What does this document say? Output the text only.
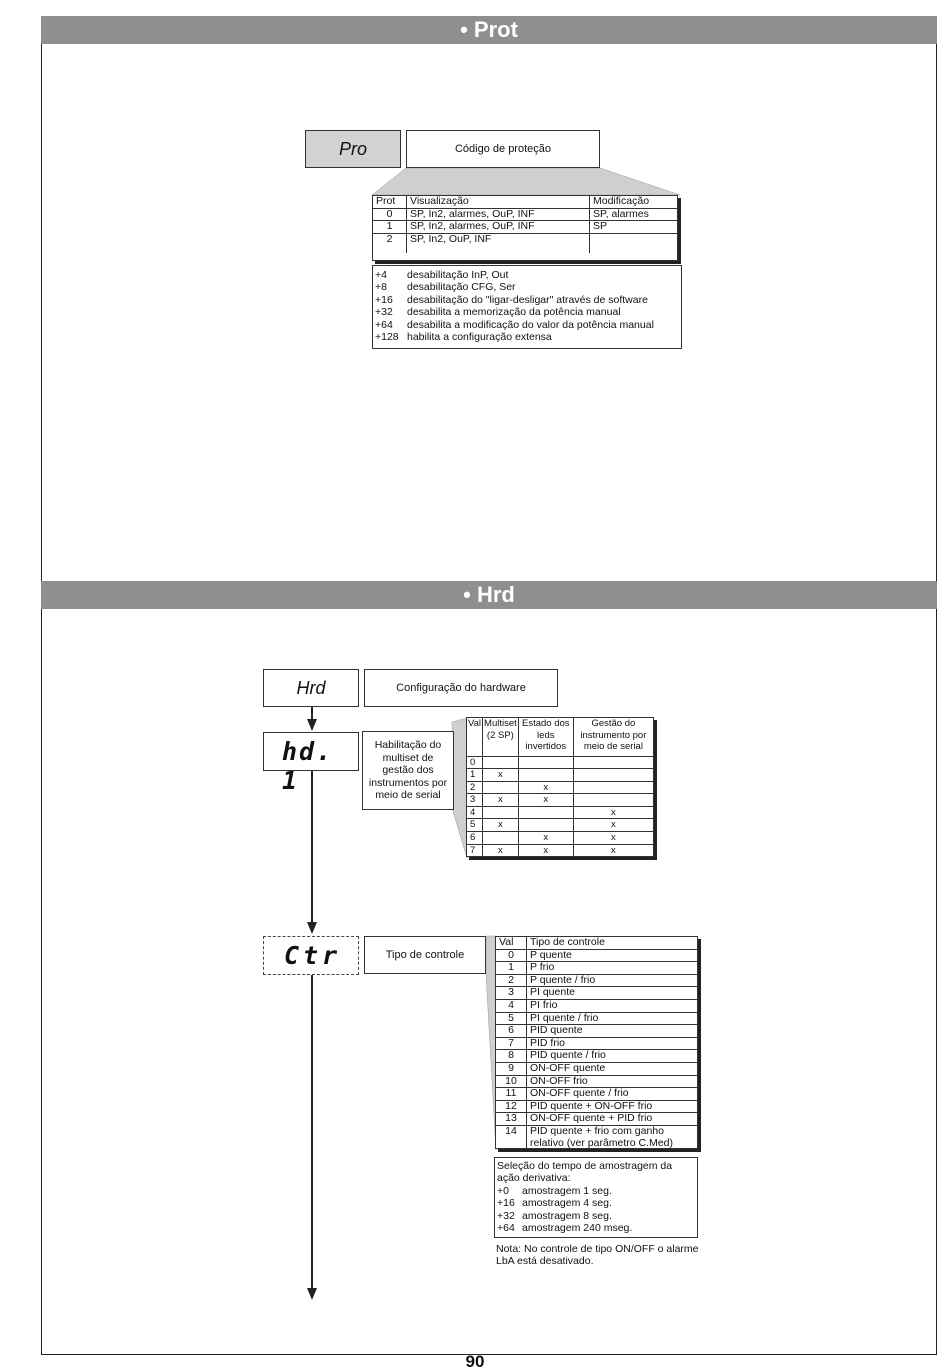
• Prot
Pro	Código de proteção
Prot	Visualização	Modificação
0	SP, In2, alarmes, OuP, INF	SP, alarmes
1	SP, In2, alarmes, OuP, INF	SP
2	SP, In2, OuP, INF	
+4 desabilitação InP, Out
+8 desabilitação CFG, Ser
+16 desabilitação do "ligar-desligar" através de software
+32 desabilita a memorização da potência manual
+64 desabilita a modificação do valor da potência manual
+128 habilita a configuração extensa
• Hrd
Hrd	Configuração do hardware
hd. 1
Habilitação do multiset de gestão dos instrumentos por meio de serial
Val	Multiset (2 SP)	Estado dos leds invertidos	Gestão do instrumento por meio de serial
0			
1	x		
2		x	
3	x	x	
4			x
5	x		x
6		x	x
7	x	x	x
Ctr	Tipo de controle
Val	Tipo de controle
0	P quente
1	P frio
2	P quente / frio
3	PI quente
4	PI frio
5	PI quente / frio
6	PID quente
7	PID frio
8	PID quente / frio
9	ON-OFF quente
10	ON-OFF frio
11	ON-OFF quente / frio
12	PID quente + ON-OFF frio
13	ON-OFF quente + PID frio
14	PID quente + frio com ganho relativo (ver parâmetro C.Med)
Seleção do tempo de amostragem da ação derivativa:
+0 amostragem 1 seg.
+16 amostragem 4 seg.
+32 amostragem 8 seg.
+64 amostragem 240 mseg.
Nota: No controle de tipo ON/OFF o alarme LbA está desativado.
90
